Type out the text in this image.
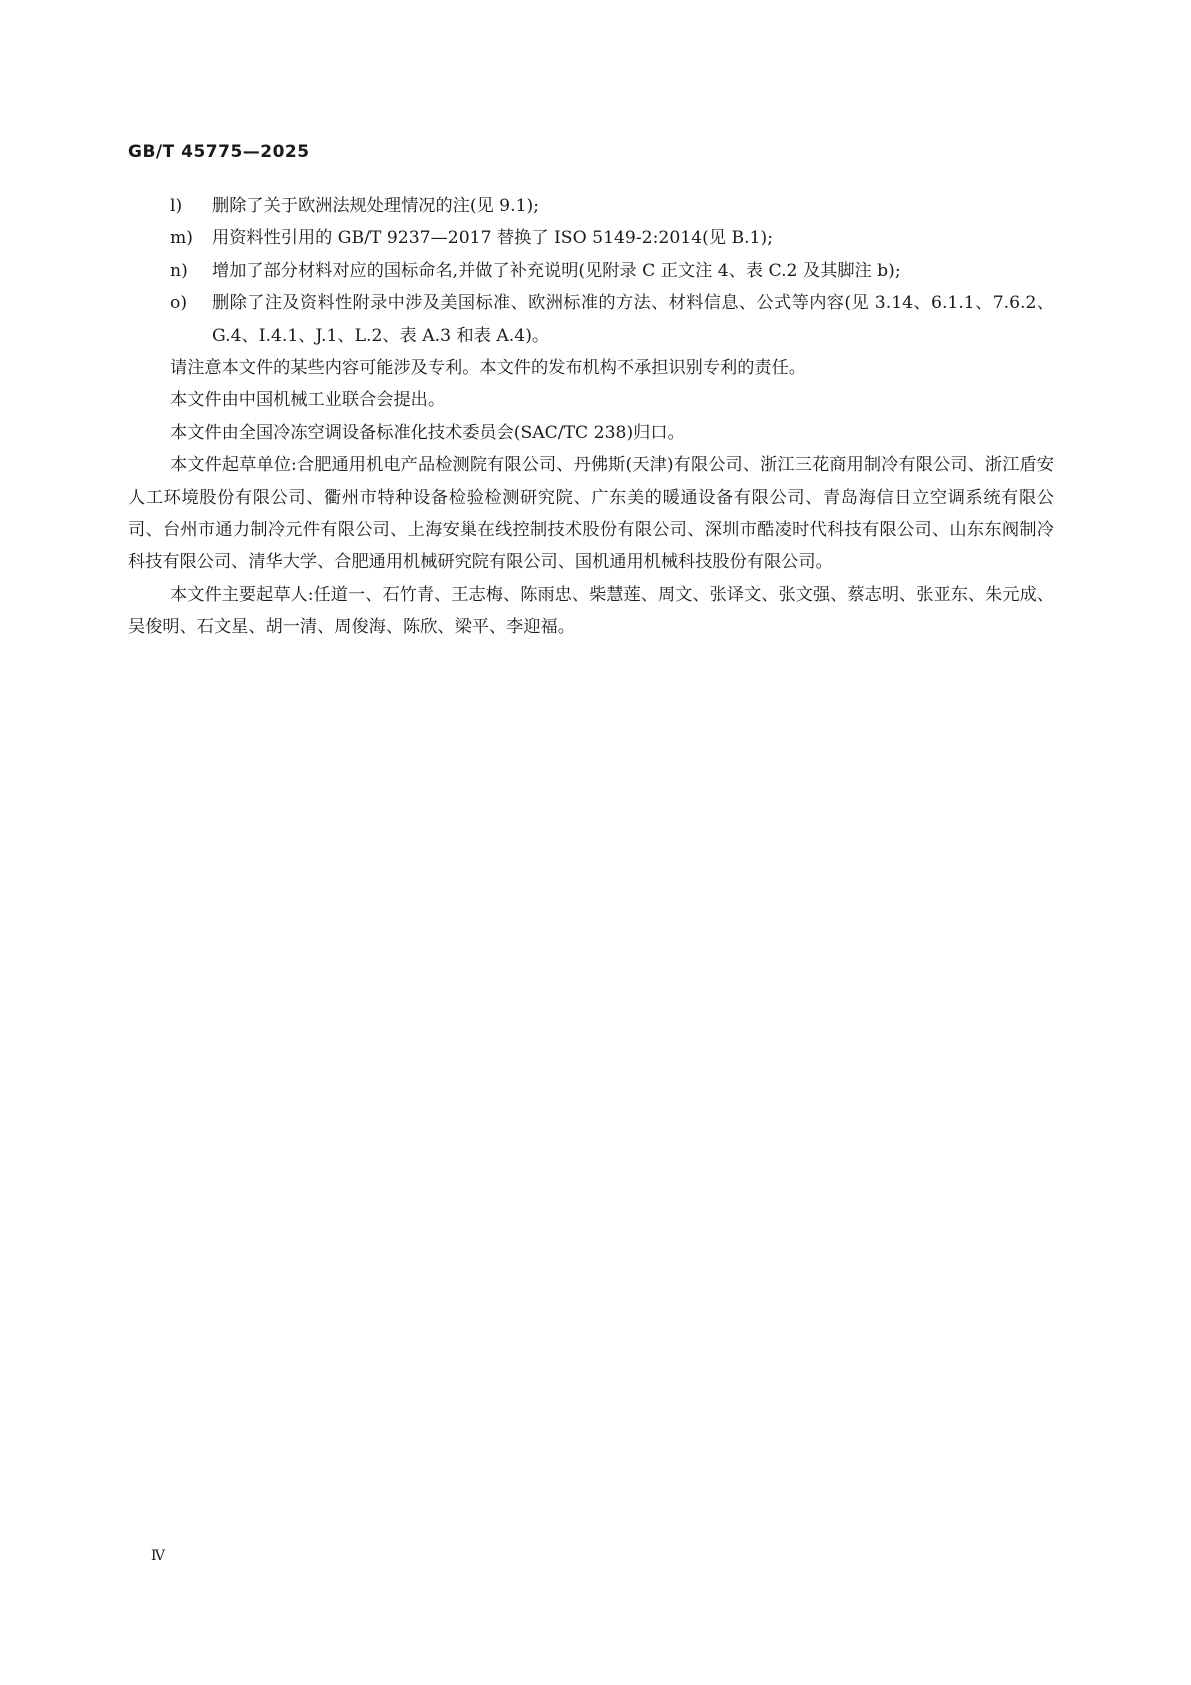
GB/T 45775—2025
l) 删除了关于欧洲法规处理情况的注(见 9.1);
m) 用资料性引用的 GB/T 9237—2017 替换了 ISO 5149-2:2014(见 B.1);
n) 增加了部分材料对应的国标命名,并做了补充说明(见附录 C 正文注 4、表 C.2 及其脚注 b);
o) 删除了注及资料性附录中涉及美国标准、欧洲标准的方法、材料信息、公式等内容(见 3.14、6.1.1、7.6.2、G.4、I.4.1、J.1、L.2、表 A.3 和表 A.4)。
请注意本文件的某些内容可能涉及专利。本文件的发布机构不承担识别专利的责任。
本文件由中国机械工业联合会提出。
本文件由全国冷冻空调设备标准化技术委员会(SAC/TC 238)归口。
本文件起草单位:合肥通用机电产品检测院有限公司、丹佛斯(天津)有限公司、浙江三花商用制冷有限公司、浙江盾安人工环境股份有限公司、衢州市特种设备检验检测研究院、广东美的暖通设备有限公司、青岛海信日立空调系统有限公司、台州市通力制冷元件有限公司、上海安巢在线控制技术股份有限公司、深圳市酷凌时代科技有限公司、山东东阀制冷科技有限公司、清华大学、合肥通用机械研究院有限公司、国机通用机械科技股份有限公司。
本文件主要起草人:任道一、石竹青、王志梅、陈雨忠、柴慧莲、周文、张译文、张文强、蔡志明、张亚东、朱元成、吴俊明、石文星、胡一清、周俊海、陈欣、梁平、李迎福。
Ⅳ
